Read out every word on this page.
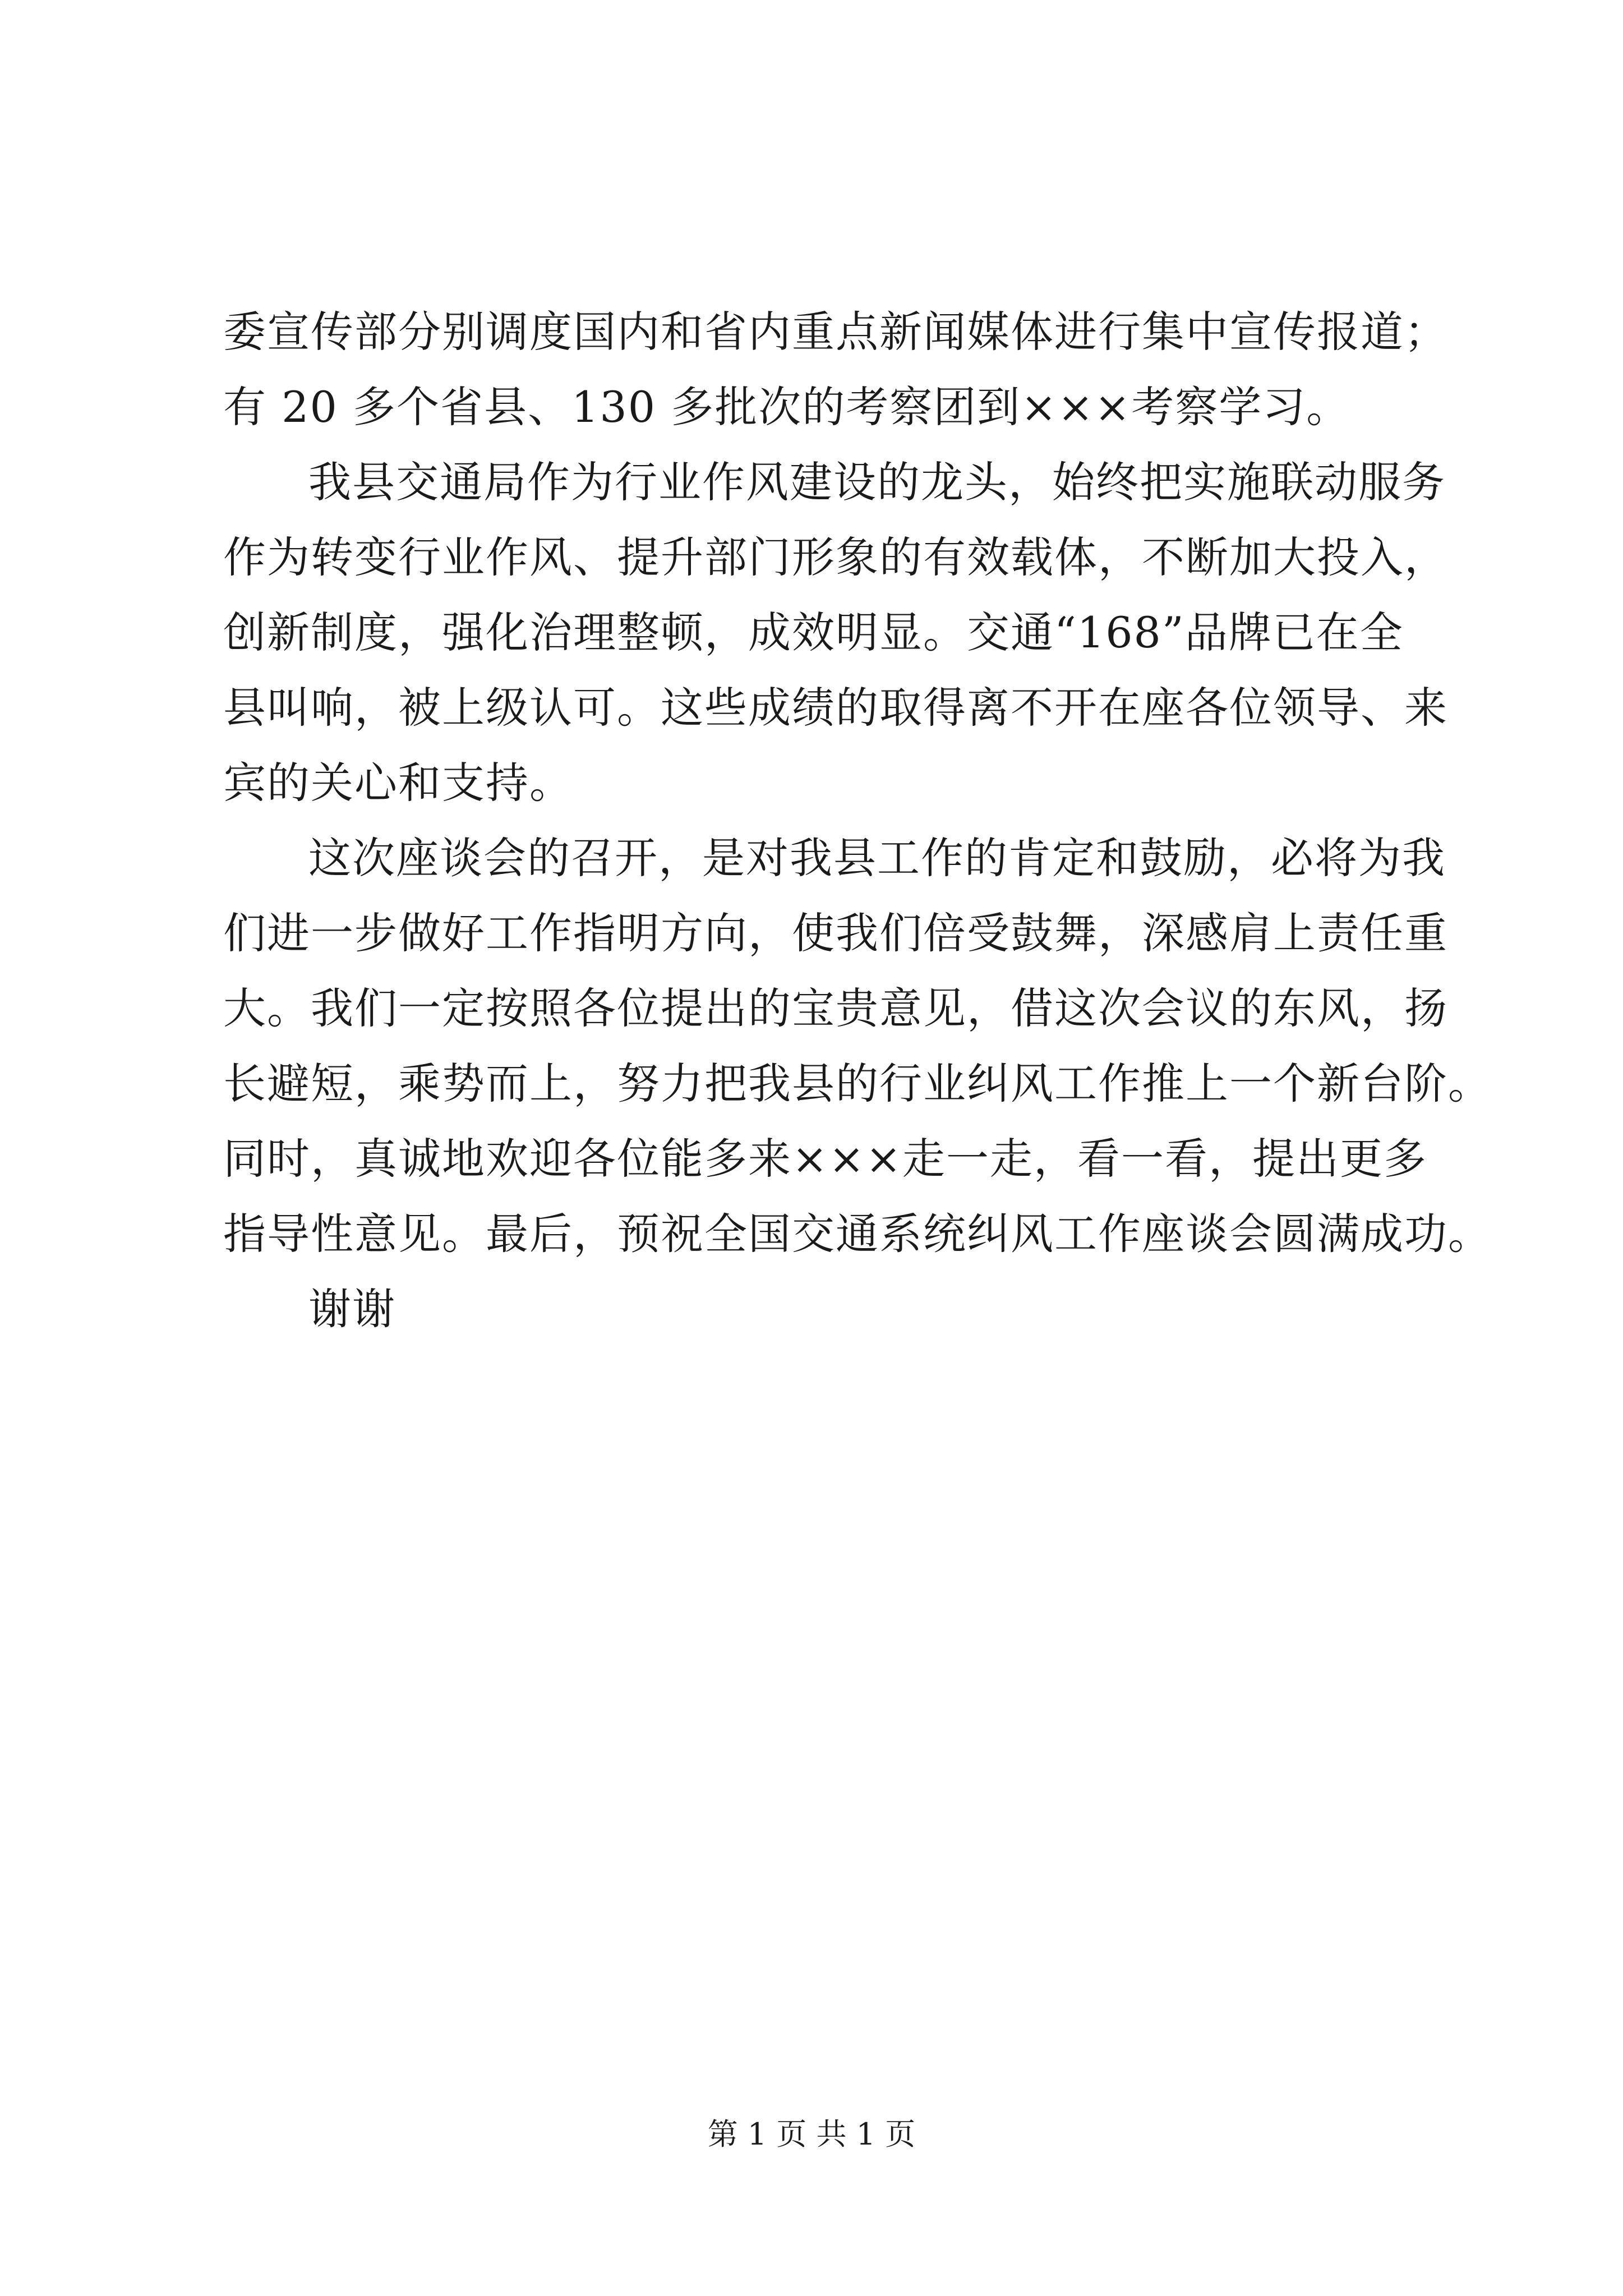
委宣传部分别调度国内和省内重点新闻媒体进行集中宣传报道；
有 20 多个省县、130 多批次的考察团到×××考察学习。
我县交通局作为行业作风建设的龙头，始终把实施联动服务
作为转变行业作风、提升部门形象的有效载体，不断加大投入，
创新制度，强化治理整顿，成效明显。交通“168”品牌已在全
县叫响，被上级认可。这些成绩的取得离不开在座各位领导、来
宾的关心和支持。
这次座谈会的召开，是对我县工作的肯定和鼓励，必将为我
们进一步做好工作指明方向，使我们倍受鼓舞，深感肩上责任重
大。我们一定按照各位提出的宝贵意见，借这次会议的东风，扬
长避短，乘势而上，努力把我县的行业纠风工作推上一个新台阶。
同时，真诚地欢迎各位能多来×××走一走，看一看，提出更多
指导性意见。最后，预祝全国交通系统纠风工作座谈会圆满成功。
谢谢
第 1 页 共 1 页
